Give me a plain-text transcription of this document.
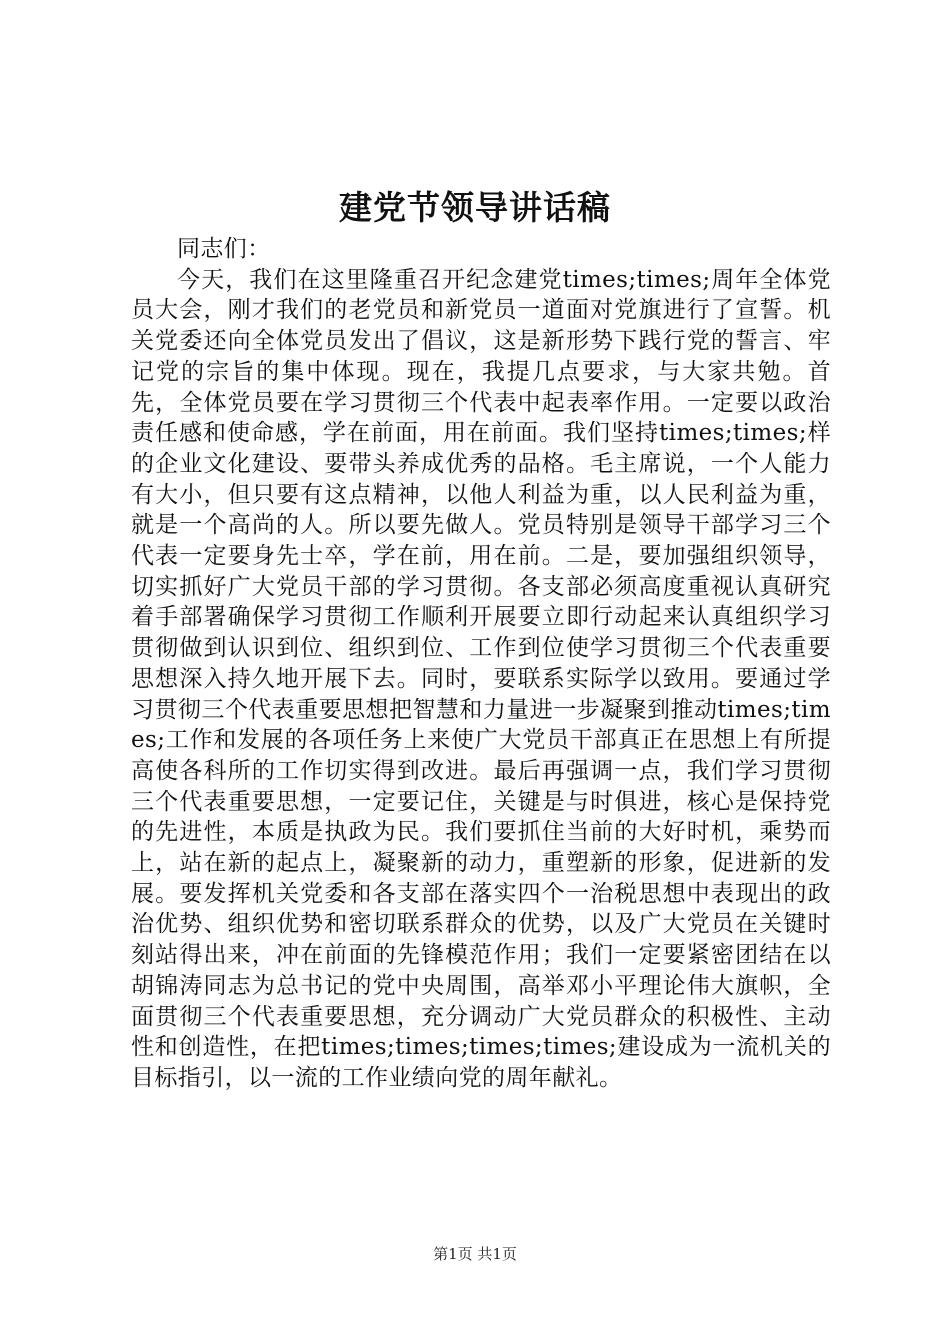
建党节领导讲话稿

同志们：

今天，我们在这里隆重召开纪念建党times;times;周年全体党员大会，刚才我们的老党员和新党员一道面对党旗进行了宣誓。机关党委还向全体党员发出了倡议，这是新形势下践行党的誓言、牢记党的宗旨的集中体现。现在，我提几点要求，与大家共勉。首先，全体党员要在学习贯彻三个代表中起表率作用。一定要以政治责任感和使命感，学在前面，用在前面。我们坚持times;times;样的企业文化建设、要带头养成优秀的品格。毛主席说，一个人能力有大小，但只要有这点精神，以他人利益为重，以人民利益为重，就是一个高尚的人。所以要先做人。党员特别是领导干部学习三个代表一定要身先士卒，学在前，用在前。二是，要加强组织领导，切实抓好广大党员干部的学习贯彻。各支部必须高度重视认真研究着手部署确保学习贯彻工作顺利开展要立即行动起来认真组织学习贯彻做到认识到位、组织到位、工作到位使学习贯彻三个代表重要思想深入持久地开展下去。同时，要联系实际学以致用。要通过学习贯彻三个代表重要思想把智慧和力量进一步凝聚到推动times;times;工作和发展的各项任务上来使广大党员干部真正在思想上有所提高使各科所的工作切实得到改进。最后再强调一点，我们学习贯彻三个代表重要思想，一定要记住，关键是与时俱进，核心是保持党的先进性，本质是执政为民。我们要抓住当前的大好时机，乘势而上，站在新的起点上，凝聚新的动力，重塑新的形象，促进新的发展。要发挥机关党委和各支部在落实四个一治税思想中表现出的政治优势、组织优势和密切联系群众的优势，以及广大党员在关键时刻站得出来，冲在前面的先锋模范作用；我们一定要紧密团结在以胡锦涛同志为总书记的党中央周围，高举邓小平理论伟大旗帜，全面贯彻三个代表重要思想，充分调动广大党员群众的积极性、主动性和创造性，在把times;times;times;times;建设成为一流机关的目标指引，以一流的工作业绩向党的周年献礼。

第1页 共1页
